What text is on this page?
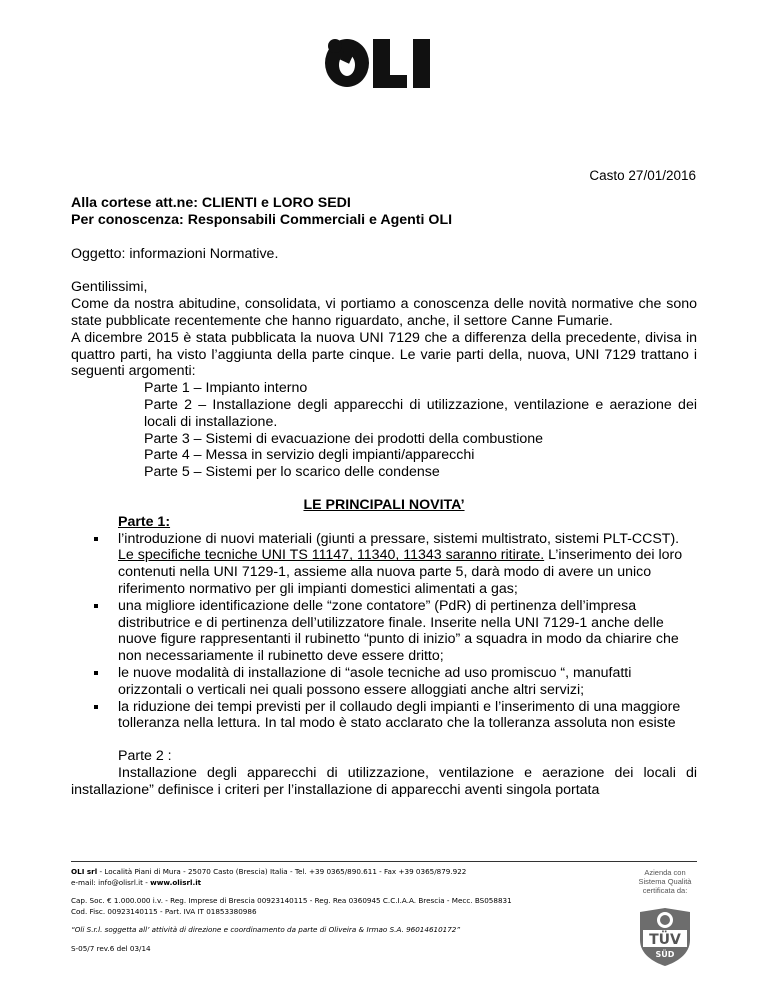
Casto 27/01/2016
Alla cortese att.ne: CLIENTI e LORO SEDI
Per conoscenza: Responsabili Commerciali e Agenti OLI
Oggetto: informazioni Normative.
Gentilissimi,
Come da nostra abitudine, consolidata, vi portiamo a conoscenza delle novità normative che sono state pubblicate recentemente che hanno riguardato, anche, il settore Canne Fumarie.
A dicembre 2015 è stata pubblicata la nuova UNI 7129 che a differenza della precedente, divisa in quattro parti, ha visto l’aggiunta della parte cinque. Le varie parti della, nuova, UNI 7129 trattano i seguenti argomenti:
Parte 1 – Impianto interno
Parte 2 – Installazione degli apparecchi di utilizzazione, ventilazione e aerazione dei locali di installazione.
Parte 3 – Sistemi di evacuazione dei prodotti della combustione
Parte 4 – Messa in servizio degli impianti/apparecchi
Parte 5 – Sistemi per lo scarico delle condense
LE PRINCIPALI NOVITA’
Parte 1:
l’introduzione di nuovi materiali (giunti a pressare, sistemi multistrato, sistemi PLT-CCST). Le specifiche tecniche UNI TS 11147, 11340, 11343 saranno ritirate. L’inserimento dei loro contenuti nella UNI 7129-1, assieme alla nuova parte 5, darà modo di avere un unico riferimento normativo per gli impianti domestici alimentati a gas;
una migliore identificazione delle “zone contatore” (PdR) di pertinenza dell’impresa distributrice e di pertinenza dell’utilizzatore finale. Inserite nella UNI 7129-1 anche delle nuove figure rappresentanti il rubinetto “punto di inizio” a squadra in modo da chiarire che non necessariamente il rubinetto deve essere dritto;
le nuove modalità di installazione di “asole tecniche ad uso promiscuo “, manufatti orizzontali o verticali nei quali possono essere alloggiati anche altri servizi;
la riduzione dei tempi previsti per il collaudo degli impianti e l’inserimento di una maggiore tolleranza nella lettura. In tal modo è stato acclarato che la tolleranza assoluta non esiste
Parte 2 :
Installazione degli apparecchi di utilizzazione, ventilazione e aerazione dei locali di installazione” definisce i criteri per l’installazione di apparecchi aventi singola portata
OLI srl - Località Piani di Mura - 25070 Casto (Brescia) Italia - Tel. +39 0365/890.611 - Fax +39 0365/879.922
e-mail: info@olisrl.it - www.olisrl.it
Cap. Soc. € 1.000.000 i.v. - Reg. Imprese di Brescia 00923140115 - Reg. Rea 0360945 C.C.I.A.A. Brescia - Mecc. BS058831
Cod. Fisc. 00923140115 - Part. IVA IT 01853380986
“Oli S.r.l. soggetta all’ attività di direzione e coordinamento da parte di Oliveira & Irmao S.A. 96014610172”
S-05/7 rev.6 del 03/14
Azienda con
Sistema Qualità
certificata da:
TÜV
SÜD
